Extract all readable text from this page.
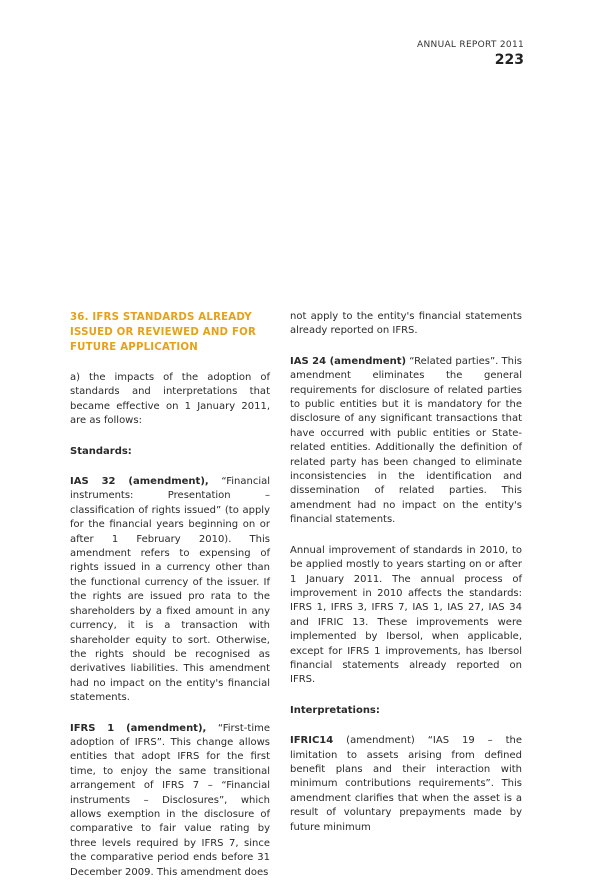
ANNUAL REPORT 2011
223
36. IFRS STANDARDS ALREADY ISSUED OR REVIEWED AND FOR FUTURE APPLICATION

a) the impacts of the adoption of standards and interpretations that became effective on 1 January 2011, are as follows:

Standards:

IAS 32 (amendment), “Financial instruments: Presentation – classification of rights issued” (to apply for the financial years beginning on or after 1 February 2010). This amendment refers to expensing of rights issued in a currency other than the functional currency of the issuer. If the rights are issued pro rata to the shareholders by a fixed amount in any currency, it is a transaction with shareholder equity to sort. Otherwise, the rights should be recognised as derivatives liabilities. This amendment had no impact on the entity's financial statements.

IFRS 1 (amendment), “First-time adoption of IFRS”. This change allows entities that adopt IFRS for the first time, to enjoy the same transitional arrangement of IFRS 7 – “Financial instruments – Disclosures”, which allows exemption in the disclosure of comparative to fair value rating by three levels required by IFRS 7, since the comparative period ends before 31 December 2009. This amendment does

not apply to the entity's financial statements already reported on IFRS.

IAS 24 (amendment) “Related parties”. This amendment eliminates the general requirements for disclosure of related parties to public entities but it is mandatory for the disclosure of any significant transactions that have occurred with public entities or State-related entities. Additionally the definition of related party has been changed to eliminate inconsistencies in the identification and dissemination of related parties. This amendment had no impact on the entity's financial statements.

Annual improvement of standards in 2010, to be applied mostly to years starting on or after 1 January 2011. The annual process of improvement in 2010 affects the standards: IFRS 1, IFRS 3, IFRS 7, IAS 1, IAS 27, IAS 34 and IFRIC 13. These improvements were implemented by Ibersol, when applicable, except for IFRS 1 improvements, has Ibersol financial statements already reported on IFRS.

Interpretations:

IFRIC14 (amendment) “IAS 19 – the limitation to assets arising from defined benefit plans and their interaction with minimum contributions requirements”. This amendment clarifies that when the asset is a result of voluntary prepayments made by future minimum
